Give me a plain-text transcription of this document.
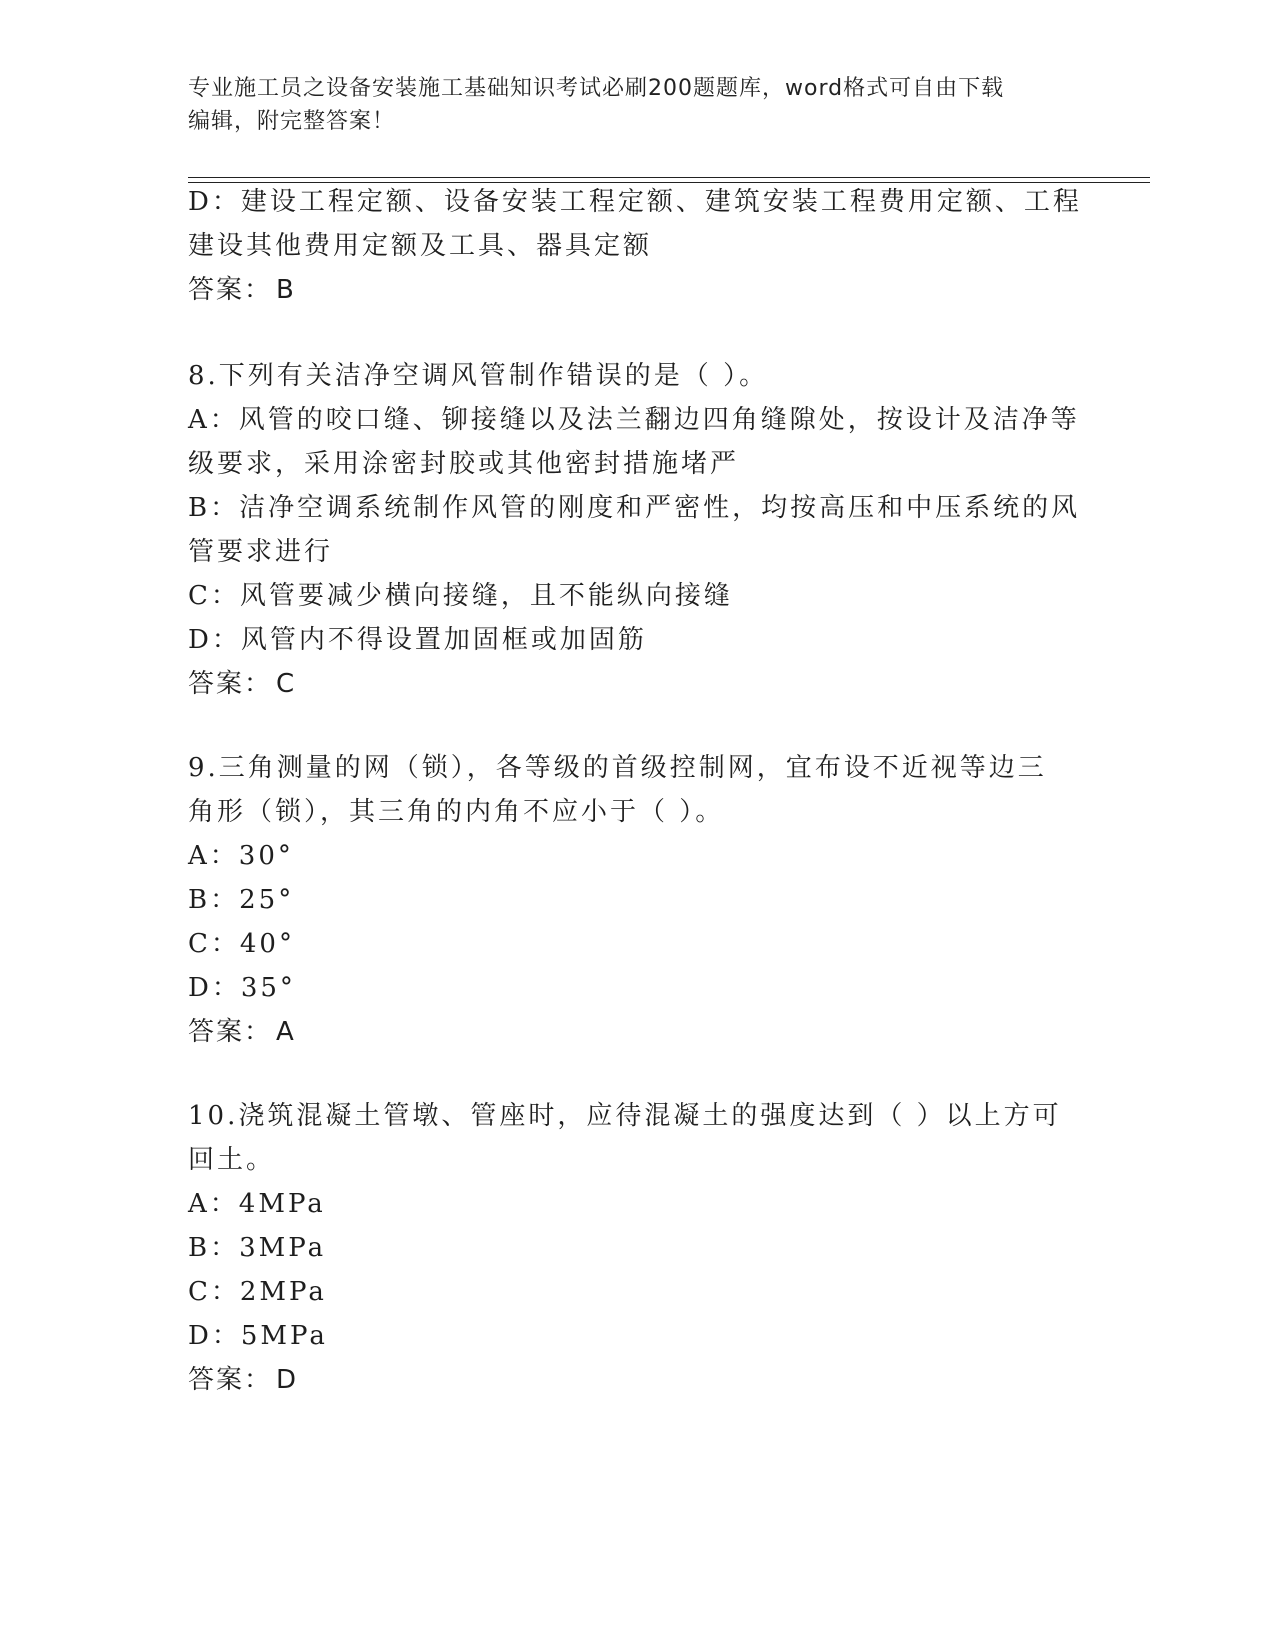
专业施工员之设备安装施工基础知识考试必刷200题题库，word格式可自由下载
编辑，附完整答案！
D：建设工程定额、设备安装工程定额、建筑安装工程费用定额、工程
建设其他费用定额及工具、器具定额
答案： B
8.下列有关洁净空调风管制作错误的是（ ）。
A：风管的咬口缝、铆接缝以及法兰翻边四角缝隙处，按设计及洁净等
级要求，采用涂密封胶或其他密封措施堵严
B：洁净空调系统制作风管的刚度和严密性，均按高压和中压系统的风
管要求进行
C：风管要减少横向接缝，且不能纵向接缝
D：风管内不得设置加固框或加固筋
答案： C
9.三角测量的网（锁），各等级的首级控制网，宜布设不近视等边三
角形（锁），其三角的内角不应小于（ ）。
A：30°
B：25°
C：40°
D：35°
答案： A
10.浇筑混凝土管墩、管座时，应待混凝土的强度达到（ ）以上方可
回土。
A：4MPa
B：3MPa
C：2MPa
D：5MPa
答案： D
